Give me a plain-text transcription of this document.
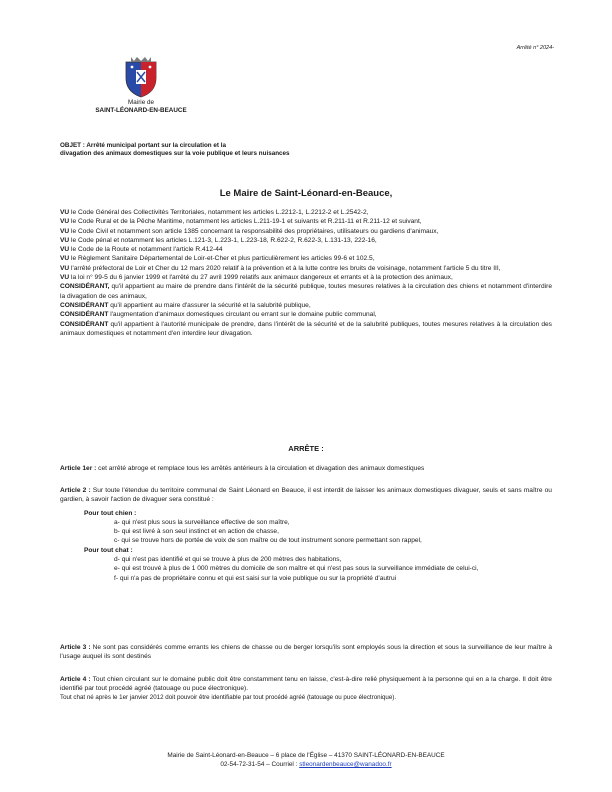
Arrêté n° 2024-
Mairie de
SAINT-LÉONARD-EN-BEAUCE
OBJET : Arrêté municipal portant sur la circulation et la
divagation des animaux domestiques sur la voie publique et leurs nuisances
Le Maire de Saint-Léonard-en-Beauce,

VU le Code Général des Collectivités Territoriales, notamment les articles L.2212-1, L.2212-2 et L.2542-2,

VU le Code Rural et de la Pêche Maritime, notamment les articles L.211-19-1 et suivants et R.211-11 et R.211-12 et suivant,

VU le Code Civil et notamment son article 1385 concernant la responsabilité des propriétaires, utilisateurs ou gardiens d'animaux,

VU le Code pénal et notamment les articles L.121-3, L.223-1, L.223-18, R.622-2, R.622-3, L.131-13, 222-16,

VU le Code de la Route et notamment l'article R.412-44

VU le Règlement Sanitaire Départemental de Loir-et-Cher et plus particulièrement les articles 99-6 et 102.5,

VU l'arrêté préfectoral de Loir et Cher du 12 mars 2020 relatif à la prévention et à la lutte contre les bruits de voisinage, notamment l'article 5 du titre III,

VU la loi n° 99-5 du 6 janvier 1999 et l'arrêté du 27 avril 1999 relatifs aux animaux dangereux et errants et à la protection des animaux,

CONSIDÉRANT, qu'il appartient au maire de prendre dans l'intérêt de la sécurité publique, toutes mesures relatives à la circulation des chiens et notamment d'interdire la divagation de ces animaux,

CONSIDÉRANT qu'il appartient au maire d'assurer la sécurité et la salubrité publique,

CONSIDÉRANT l'augmentation d'animaux domestiques circulant ou errant sur le domaine public communal,

CONSIDÉRANT qu'il appartient à l'autorité municipale de prendre, dans l'intérêt de la sécurité et de la salubrité publiques, toutes mesures relatives à la circulation des animaux domestiques et notamment d'en interdire leur divagation.

ARRÊTE :

Article 1er : cet arrêté abroge et remplace tous les arrêtés antérieurs à la circulation et divagation des animaux domestiques

Article 2 : Sur toute l'étendue du territoire communal de Saint Léonard en Beauce, il est interdit de laisser les animaux domestiques divaguer, seuls et sans maître ou gardien, à savoir l'action de divaguer sera constitué :

Pour tout chien :

a- qui n'est plus sous la surveillance effective de son maître,

b- qui est livré à son seul instinct et en action de chasse,

c- qui se trouve hors de portée de voix de son maître ou de tout instrument sonore permettant son rappel,

Pour tout chat :

d- qui n'est pas identifié et qui se trouve à plus de 200 mètres des habitations,

e- qui est trouvé à plus de 1 000 mètres du domicile de son maître et qui n'est pas sous la surveillance immédiate de celui-ci,

f- qui n'a pas de propriétaire connu et qui est saisi sur la voie publique ou sur la propriété d'autrui

Article 3 : Ne sont pas considérés comme errants les chiens de chasse ou de berger lorsqu'ils sont employés sous la direction et sous la surveillance de leur maître à l'usage auquel ils sont destinés

Article 4 : Tout chien circulant sur le domaine public doit être constamment tenu en laisse, c'est-à-dire relié physiquement à la personne qui en a la charge. Il doit être identifié par tout procédé agréé (tatouage ou puce électronique).

Tout chat né après le 1er janvier 2012 doit pouvoir être identifiable par tout procédé agréé (tatouage ou puce électronique).

Mairie de Saint-Léonard-en-Beauce – 6 place de l'Église – 41370 SAINT-LÉONARD-EN-BEAUCE
02-54-72-31-54 – Courriel : stleonardenbeauce@wanadoo.fr
